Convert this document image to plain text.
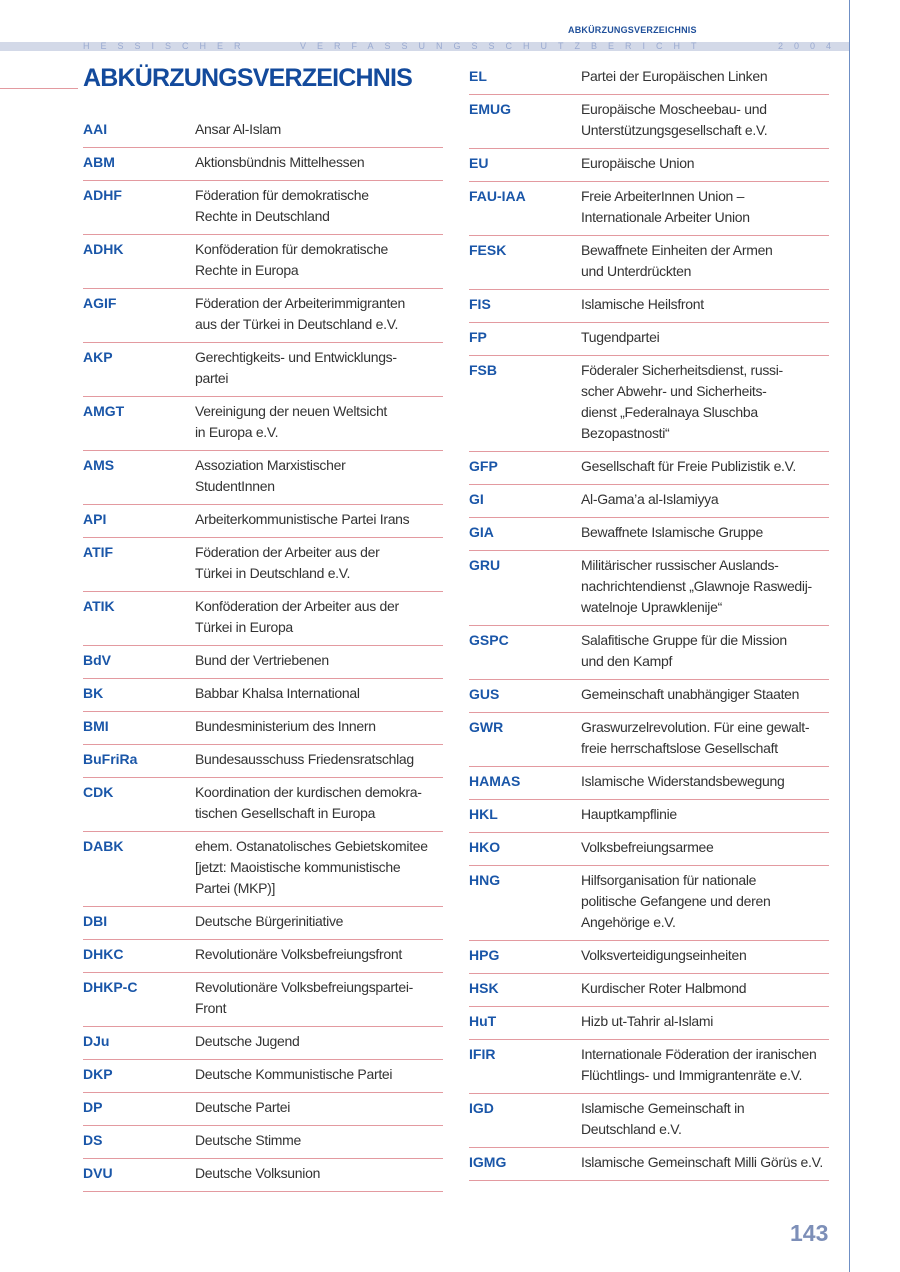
ABKÜRZUNGSVERZEICHNIS
HESSISCHER	VERFASSUNGSSCHUTZBERICHT	2004
ABKÜRZUNGSVERZEICHNIS
AAI	Ansar Al-Islam
ABM	Aktionsbündnis Mittelhessen
ADHF	Föderation für demokratische
Rechte in Deutschland
ADHK	Konföderation für demokratische
Rechte in Europa
AGIF	Föderation der Arbeiterimmigranten
aus der Türkei in Deutschland e.V.
AKP	Gerechtigkeits- und Entwicklungs-
partei
AMGT	Vereinigung der neuen Weltsicht
in Europa e.V.
AMS	Assoziation Marxistischer
StudentInnen
API	Arbeiterkommunistische Partei Irans
ATIF	Föderation der Arbeiter aus der
Türkei in Deutschland e.V.
ATIK	Konföderation der Arbeiter aus der
Türkei in Europa
BdV	Bund der Vertriebenen
BK	Babbar Khalsa International
BMI	Bundesministerium des Innern
BuFriRa	Bundesausschuss Friedensratschlag
CDK	Koordination der kurdischen demokra-
tischen Gesellschaft in Europa
DABK	ehem. Ostanatolisches Gebietskomitee
[jetzt: Maoistische kommunistische
Partei (MKP)]
DBI	Deutsche Bürgerinitiative
DHKC	Revolutionäre Volksbefreiungsfront
DHKP-C	Revolutionäre Volksbefreiungspartei-
Front
DJu	Deutsche Jugend
DKP	Deutsche Kommunistische Partei
DP	Deutsche Partei
DS	Deutsche Stimme
DVU	Deutsche Volksunion
EL	Partei der Europäischen Linken
EMUG	Europäische Moscheebau- und
Unterstützungsgesellschaft e.V.
EU	Europäische Union
FAU-IAA	Freie ArbeiterInnen Union –
Internationale Arbeiter Union
FESK	Bewaffnete Einheiten der Armen
und Unterdrückten
FIS	Islamische Heilsfront
FP	Tugendpartei
FSB	Föderaler Sicherheitsdienst, russi-
scher Abwehr- und Sicherheits-
dienst „Federalnaya Sluschba
Bezopastnosti“
GFP	Gesellschaft für Freie Publizistik e.V.
GI	Al-Gama’a al-Islamiyya
GIA	Bewaffnete Islamische Gruppe
GRU	Militärischer russischer Auslands-
nachrichtendienst „Glawnoje Raswedij-
watelnoje Uprawklenije“
GSPC	Salafitische Gruppe für die Mission
und den Kampf
GUS	Gemeinschaft unabhängiger Staaten
GWR	Graswurzelrevolution. Für eine gewalt-
freie herrschaftslose Gesellschaft
HAMAS	Islamische Widerstandsbewegung
HKL	Hauptkampflinie
HKO	Volksbefreiungsarmee
HNG	Hilfsorganisation für nationale
politische Gefangene und deren
Angehörige e.V.
HPG	Volksverteidigungseinheiten
HSK	Kurdischer Roter Halbmond
HuT	Hizb ut-Tahrir al-Islami
IFIR	Internationale Föderation der iranischen
Flüchtlings- und Immigrantenräte e.V.
IGD	Islamische Gemeinschaft in
Deutschland e.V.
IGMG	Islamische Gemeinschaft Milli Görüs e.V.
143
